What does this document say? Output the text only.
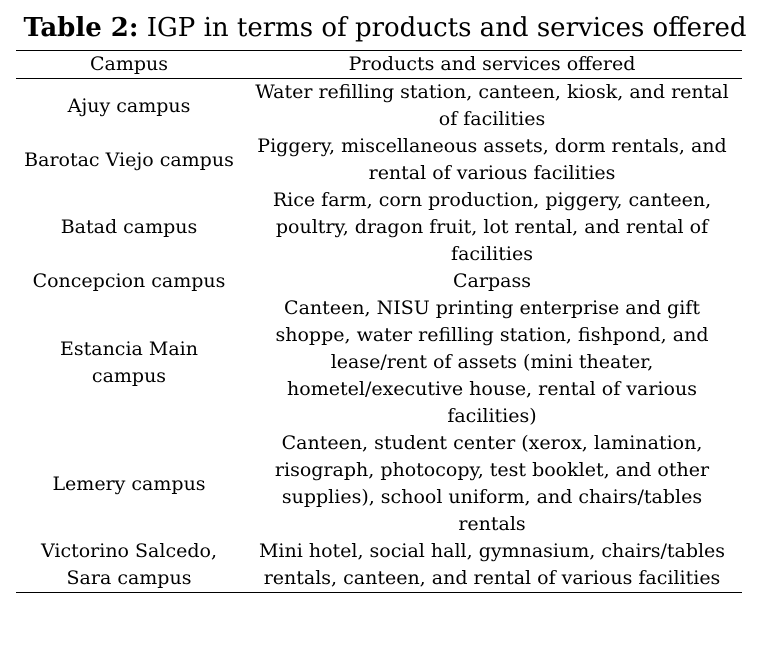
Table 2: IGP in terms of products and services offered
Campus	Products and services offered
Ajuy campus	Water refilling station, canteen, kiosk, and rental of facilities
Barotac Viejo campus	Piggery, miscellaneous assets, dorm rentals, and rental of various facilities
Batad campus	Rice farm, corn production, piggery, canteen, poultry, dragon fruit, lot rental, and rental of facilities
Concepcion campus	Carpass
Estancia Main campus	Canteen, NISU printing enterprise and gift shoppe, water refilling station, fishpond, and lease/rent of assets (mini theater, hometel/executive house, rental of various facilities)
Lemery campus	Canteen, student center (xerox, lamination, risograph, photocopy, test booklet, and other supplies), school uniform, and chairs/tables rentals
Victorino Salcedo, Sara campus	Mini hotel, social hall, gymnasium, chairs/tables rentals, canteen, and rental of various facilities
